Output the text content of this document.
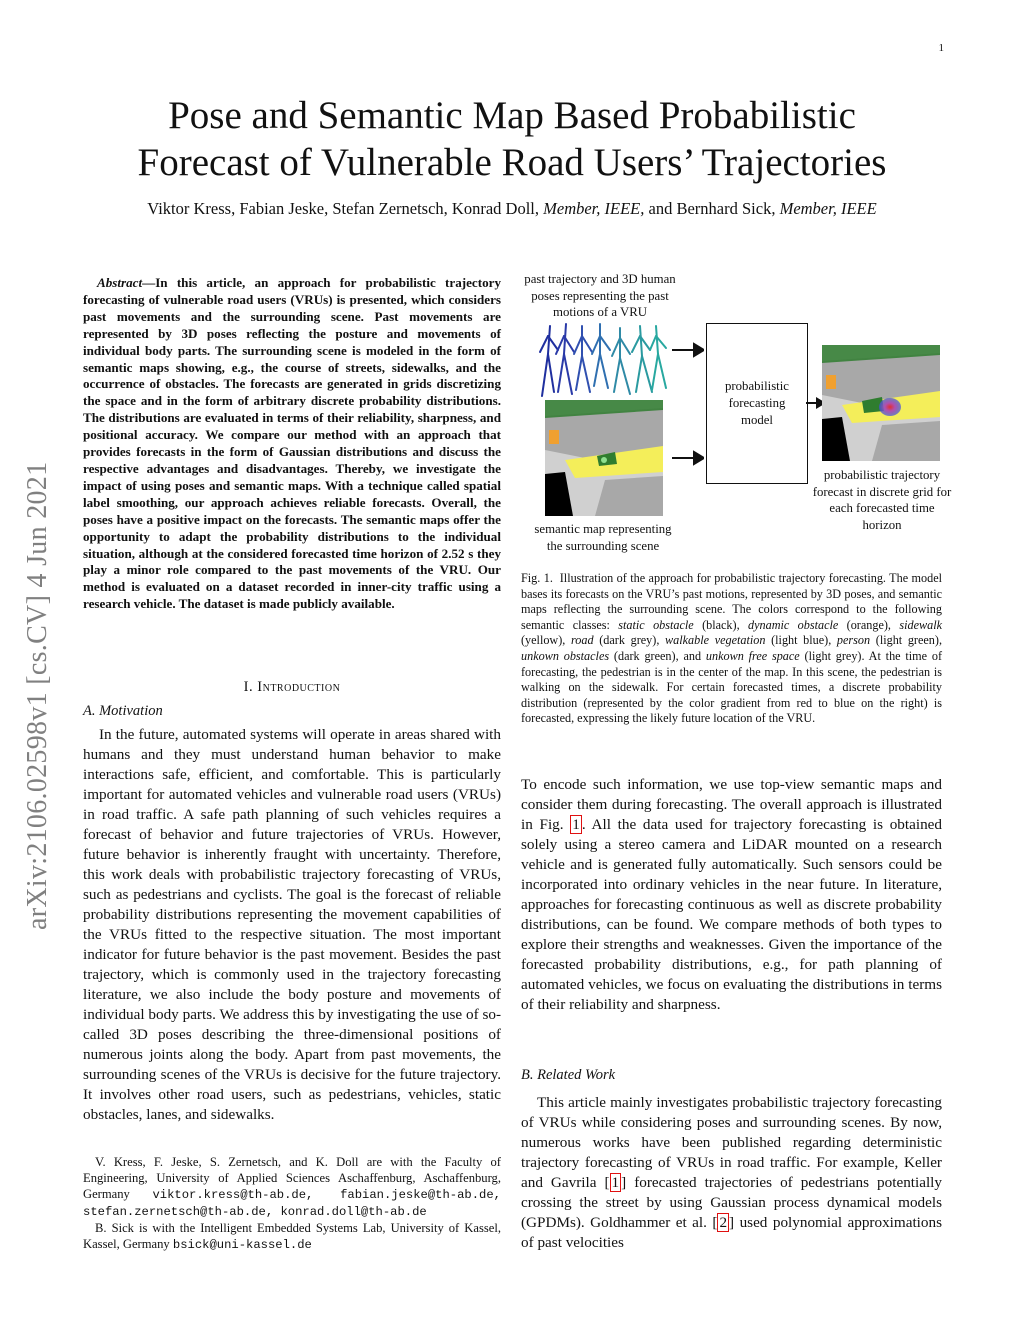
1
arXiv:2106.02598v1 [cs.CV] 4 Jun 2021
Pose and Semantic Map Based Probabilistic
Forecast of Vulnerable Road Users’ Trajectories
Viktor Kress, Fabian Jeske, Stefan Zernetsch, Konrad Doll, Member, IEEE, and Bernhard Sick, Member, IEEE
Abstract—In this article, an approach for probabilistic trajectory forecasting of vulnerable road users (VRUs) is presented, which considers past movements and the surrounding scene. Past movements are represented by 3D poses reflecting the posture and movements of individual body parts. The surrounding scene is modeled in the form of semantic maps showing, e.g., the course of streets, sidewalks, and the occurrence of obstacles. The forecasts are generated in grids discretizing the space and in the form of arbitrary discrete probability distributions. The distributions are evaluated in terms of their reliability, sharpness, and positional accuracy. We compare our method with an approach that provides forecasts in the form of Gaussian distributions and discuss the respective advantages and disadvantages. Thereby, we investigate the impact of using poses and semantic maps. With a technique called spatial label smoothing, our approach achieves reliable forecasts. Overall, the poses have a positive impact on the forecasts. The semantic maps offer the opportunity to adapt the probability distributions to the individual situation, although at the considered forecasted time horizon of 2.52 s they play a minor role compared to the past movements of the VRU. Our method is evaluated on a dataset recorded in inner-city traffic using a research vehicle. The dataset is made publicly available.
I. Introduction
A. Motivation

In the future, automated systems will operate in areas shared with humans and they must understand human behavior to make interactions safe, efficient, and comfortable. This is particularly important for automated vehicles and vulnerable road users (VRUs) in road traffic. A safe path planning of such vehicles requires a forecast of behavior and future trajectories of VRUs. However, future behavior is inherently fraught with uncertainty. Therefore, this work deals with probabilistic trajectory forecasting of VRUs, such as pedestrians and cyclists. The goal is the forecast of reliable probability distributions representing the movement capabilities of the VRUs fitted to the respective situation. The most important indicator for future behavior is the past movement. Besides the past trajectory, which is commonly used in the trajectory forecasting literature, we also include the body posture and movements of individual body parts. We address this by investigating the use of so-called 3D poses describing the three-dimensional positions of numerous joints along the body. Apart from past movements, the surrounding scenes of the VRUs is decisive for the future trajectory. It involves other road users, such as pedestrians, vehicles, static obstacles, lanes, and sidewalks.

V. Kress, F. Jeske, S. Zernetsch, and K. Doll are with the Faculty of Engineering, University of Applied Sciences Aschaffenburg, Aschaffenburg, Germany viktor.kress@th-ab.de, fabian.jeske@th-ab.de, stefan.zernetsch@th-ab.de, konrad.doll@th-ab.de

B. Sick is with the Intelligent Embedded Systems Lab, University of Kassel, Kassel, Germany bsick@uni-kassel.de

past trajectory and 3D human poses representing the past motions of a VRU
semantic map representing the surrounding scene
probabilistic forecasting model
probabilistic trajectory forecast in discrete grid for each forecasted time horizon
Fig. 1. Illustration of the approach for probabilistic trajectory forecasting. The model bases its forecasts on the VRU’s past motions, represented by 3D poses, and semantic maps reflecting the surrounding scene. The colors correspond to the following semantic classes: static obstacle (black), dynamic obstacle (orange), sidewalk (yellow), road (dark grey), walkable vegetation (light blue), person (light green), unkown obstacles (dark green), and unkown free space (light grey). At the time of forecasting, the pedestrian is in the center of the map. In this scene, the pedestrian is walking on the sidewalk. For certain forecasted times, a discrete probability distribution (represented by the color gradient from red to blue on the right) is forecasted, expressing the likely future location of the VRU.

To encode such information, we use top-view semantic maps and consider them during forecasting. The overall approach is illustrated in Fig. 1 . All the data used for trajectory forecasting is obtained solely using a stereo camera and LiDAR mounted on a research vehicle and is generated fully automatically. Such sensors could be incorporated into ordinary vehicles in the near future. In literature, approaches for forecasting continuous as well as discrete probability distributions, can be found. We compare methods of both types to explore their strengths and weaknesses. Given the importance of the forecasted probability distributions, e.g., for path planning of automated vehicles, we focus on evaluating the distributions in terms of their reliability and sharpness.

B. Related Work

This article mainly investigates probabilistic trajectory forecasting of VRUs while considering poses and surrounding scenes. By now, numerous works have been published regarding deterministic trajectory forecasting of VRUs in road traffic. For example, Keller and Gavrila [ 1 ] forecasted trajectories of pedestrians potentially crossing the street by using Gaussian process dynamical models (GPDMs). Goldhammer et al. [ 2 ] used polynomial approximations of past velocities
